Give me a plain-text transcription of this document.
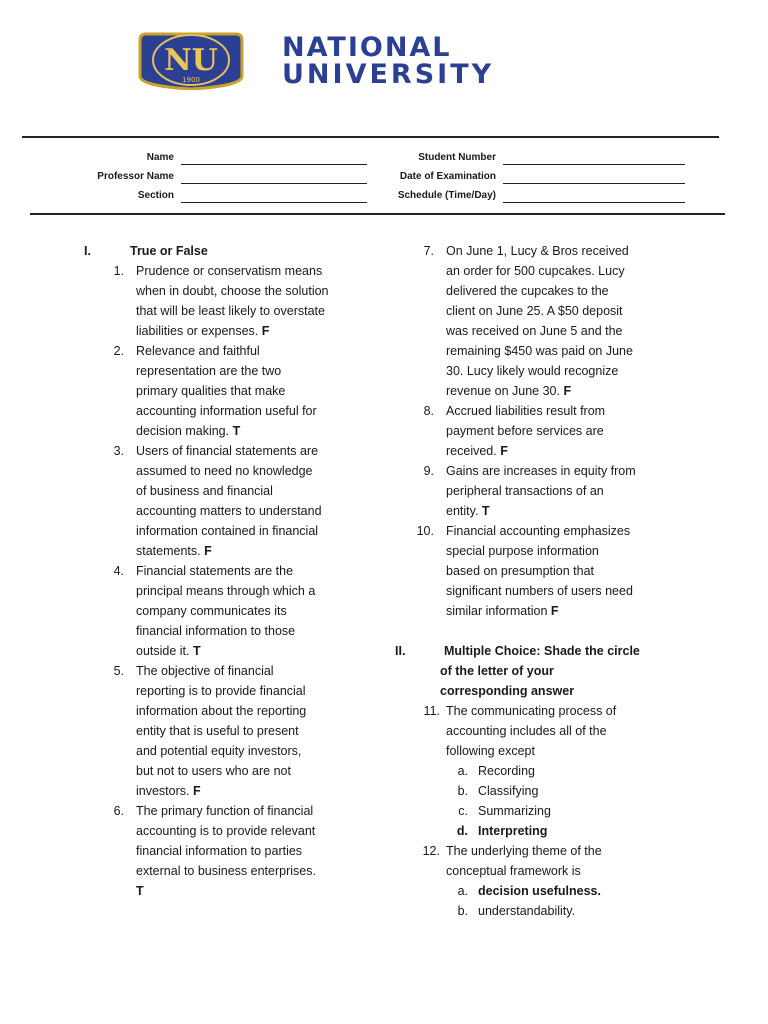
NU
1900
NATIONAL
UNIVERSITY
Name
Professor Name
Section
Student Number
Date of Examination
Schedule (Time/Day)
I.	True or False
1. Prudence or conservatism means
when in doubt, choose the solution
that will be least likely to overstate
liabilities or expenses. F
2. Relevance and faithful
representation are the two
primary qualities that make
accounting information useful for
decision making. T
3. Users of financial statements are
assumed to need no knowledge
of business and financial
accounting matters to understand
information contained in financial
statements. F
4. Financial statements are the
principal means through which a
company communicates its
financial information to those
outside it. T
5. The objective of financial
reporting is to provide financial
information about the reporting
entity that is useful to present
and potential equity investors,
but not to users who are not
investors. F
6. The primary function of financial
accounting is to provide relevant
financial information to parties
external to business enterprises.
T
7. On June 1, Lucy & Bros received
an order for 500 cupcakes. Lucy
delivered the cupcakes to the
client on June 25. A $50 deposit
was received on June 5 and the
remaining $450 was paid on June
30. Lucy likely would recognize
revenue on June 30. F
8. Accrued liabilities result from
payment before services are
received. F
9. Gains are increases in equity from
peripheral transactions of an
entity. T
10. Financial accounting emphasizes
special purpose information
based on presumption that
significant numbers of users need
similar information F
II.	Multiple Choice: Shade the circle
of the letter of your
corresponding answer
11. The communicating process of
accounting includes all of the
following except
a. Recording
b. Classifying
c. Summarizing
d. Interpreting
12. The underlying theme of the
conceptual framework is
a. decision usefulness.
b. understandability.
